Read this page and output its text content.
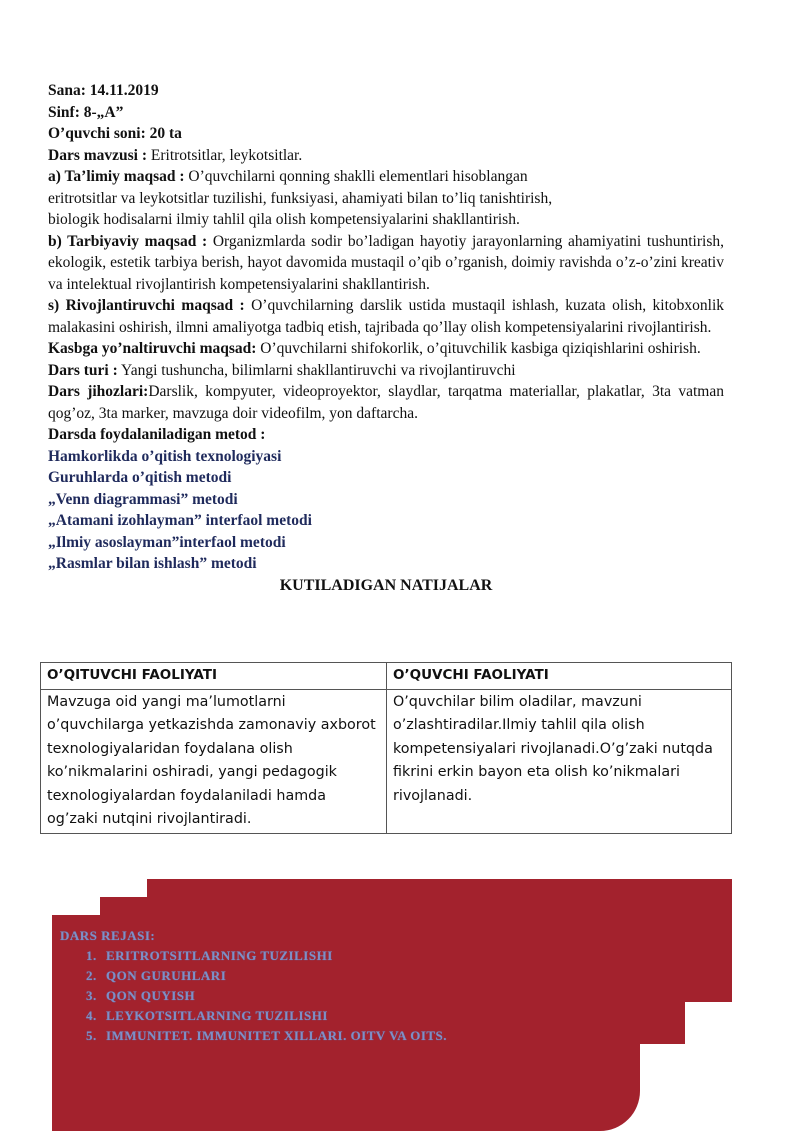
Sana: 14.11.2019

Sinf: 8-„A”

O’quvchi soni: 20 ta

Dars mavzusi : Eritrotsitlar, leykotsitlar.

a) Ta’limiy maqsad : O’quvchilarni qonning shaklli elementlari hisoblangan

eritrotsitlar va leykotsitlar tuzilishi, funksiyasi, ahamiyati bilan to’liq tanishtirish,

biologik hodisalarni ilmiy tahlil qila olish kompetensiyalarini shakllantirish.

b) Tarbiyaviy maqsad : Organizmlarda sodir bo’ladigan hayotiy jarayonlarning ahamiyatini tushuntirish, ekologik, estetik tarbiya berish, hayot davomida mustaqil o’qib o’rganish, doimiy ravishda o’z-o’zini kreativ va intelektual rivojlantirish kompetensiyalarini shakllantirish.

s) Rivojlantiruvchi maqsad : O’quvchilarning darslik ustida mustaqil ishlash, kuzata olish, kitobxonlik malakasini oshirish, ilmni amaliyotga tadbiq etish, tajribada qo’llay olish kompetensiyalarini rivojlantirish.

Kasbga yo’naltiruvchi maqsad: O’quvchilarni shifokorlik, o’qituvchilik kasbiga qiziqishlarini oshirish.

Dars turi : Yangi tushuncha, bilimlarni shakllantiruvchi va rivojlantiruvchi

Dars jihozlari:Darslik, kompyuter, videoproyektor, slaydlar, tarqatma materiallar, plakatlar, 3ta vatman qog’oz, 3ta marker, mavzuga doir videofilm, yon daftarcha.

Darsda foydalaniladigan metod :

Hamkorlikda o’qitish texnologiyasi

Guruhlarda o’qitish metodi

„Venn diagrammasi” metodi

„Atamani izohlayman” interfaol metodi

„Ilmiy asoslayman”interfaol metodi

„Rasmlar bilan ishlash” metodi

KUTILADIGAN NATIJALAR

O’QITUVCHI FAOLIYATI	O’QUVCHI FAOLIYATI
Mavzuga oid yangi ma’lumotlarni o’quvchilarga yetkazishda zamonaviy axborot texnologiyalaridan foydalana olish ko’nikmalarini oshiradi, yangi pedagogik texnologiyalardan foydalaniladi hamda og’zaki nutqini rivojlantiradi.	O’quvchilar bilim oladilar, mavzuni o’zlashtiradilar.Ilmiy tahlil qila olish kompetensiyalari rivojlanadi.O’g’zaki nutqda fikrini erkin bayon eta olish ko’nikmalari rivojlanadi.

DARS REJASI:

1. ERITROTSITLARNING TUZILISHI
2. QON GURUHLARI
3. QON QUYISH
4. LEYKOTSITLARNING TUZILISHI
5. IMMUNITET. IMMUNITET XILLARI. OITV VA OITS.
